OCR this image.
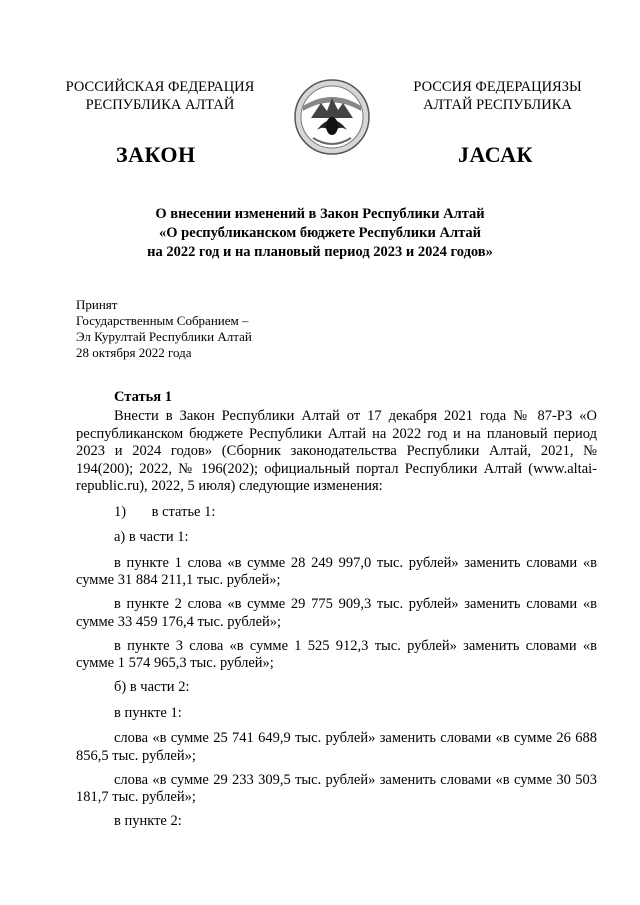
РОССИЙСКАЯ ФЕДЕРАЦИЯ
РЕСПУБЛИКА АЛТАЙ
РОССИЯ ФЕДЕРАЦИЯЗЫ
АЛТАЙ РЕСПУБЛИКА
ЗАКОН	JАСАК
О внесении изменений в Закон Республики Алтай
«О республиканском бюджете Республики Алтай
на 2022 год и на плановый период 2023 и 2024 годов»
Принят
Государственным Собранием –
Эл Курултай Республики Алтай
28 октября 2022 года
Статья 1

Внести в Закон Республики Алтай от 17 декабря 2021 года № 87-РЗ «О республиканском бюджете Республики Алтай на 2022 год и на плановый период 2023 и 2024 годов» (Сборник законодательства Республики Алтай, 2021, № 194(200); 2022, № 196(202); официальный портал Республики Алтай (www.altai-republic.ru), 2022, 5 июля) следующие изменения:

1) в статье 1:
а) в части 1:

в пункте 1 слова «в сумме 28 249 997,0 тыс. рублей» заменить словами «в сумме 31 884 211,1 тыс. рублей»;

в пункте 2 слова «в сумме 29 775 909,3 тыс. рублей» заменить словами «в сумме 33 459 176,4 тыс. рублей»;

в пункте 3 слова «в сумме 1 525 912,3 тыс. рублей» заменить словами «в сумме 1 574 965,3 тыс. рублей»;

б) в части 2:
в пункте 1:

слова «в сумме 25 741 649,9 тыс. рублей» заменить словами «в сумме 26 688 856,5 тыс. рублей»;

слова «в сумме 29 233 309,5 тыс. рублей» заменить словами «в сумме 30 503 181,7 тыс. рублей»;

в пункте 2:
